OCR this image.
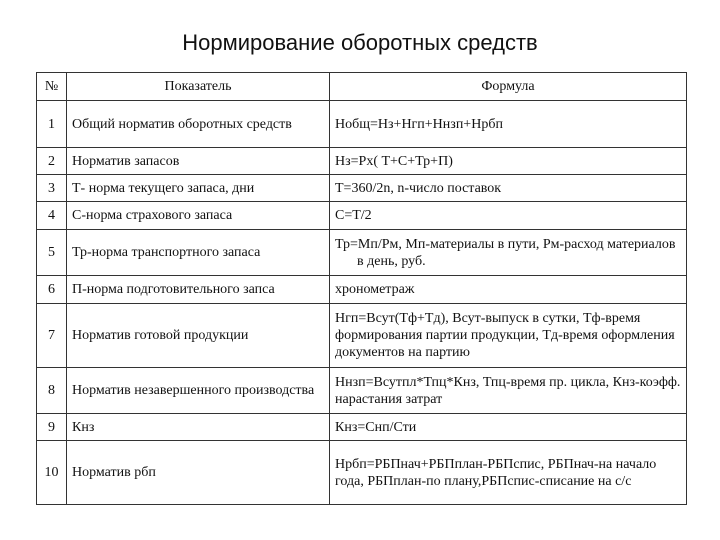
Нормирование оборотных средств
№	Показатель	Формула
1	Общий норматив оборотных средств	Нобщ=Нз+Нгп+Ннзп+Нрбп
2	Норматив запасов	Нз=Рх( Т+С+Тр+П)
3	Т- норма текущего запаса, дни	Т=360/2n, n-число поставок
4	С-норма страхового запаса	С=Т/2
5	Тр-норма транспортного запаса	Тр=Мп/Рм, Мп-материалы в пути, Рм-расход материалов в день, руб.

6	П-норма подготовительного запса	хронометраж
7	Норматив готовой продукции	Нгп=Всут(Тф+Тд), Всут-выпуск в сутки, Тф-время формирования партии продукции, Тд-время оформления документов на партию
8	Норматив незавершенного производства	Ннзп=Всутпл*Тпц*Кнз, Тпц-время пр. цикла, Кнз-коэфф. нарастания затрат
9	Кнз	Кнз=Снп/Сти
10	Норматив рбп	Нрбп=РБПнач+РБПплан-РБПспис, РБПнач-на начало года, РБПплан-по плану,РБПспис-списание на с/с
